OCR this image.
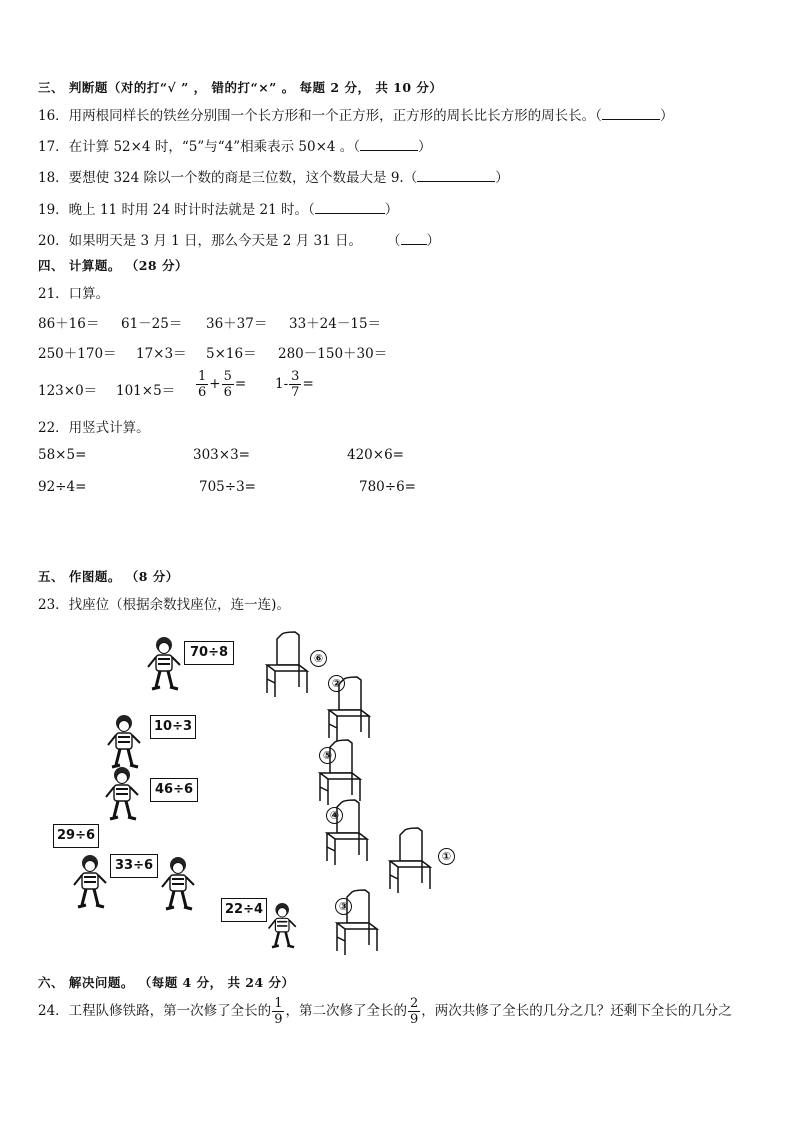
三、 判断题（对的打“√ ” ， 错的打“×” 。 每题 2 分， 共 10 分）
16．用两根同样长的铁丝分别围一个长方形和一个正方形，正方形的周长比长方形的周长长。（	）
17．在计算 52×4 时，“5”与“4”相乘表示 50×4 。（	）
18．要想使 324 除以一个数的商是三位数，这个数最大是 9.（	）
19．晚上 11 时用 24 时计时法就是 21 时。（	）
20．如果明天是 3 月 1 日，那么今天是 2 月 31 日。 （ ）
四、 计算题。 （28 分）
21．口算。
86＋16＝ 61－25＝ 36＋37＝ 33＋24－15＝
250＋170＝ 17×3＝ 5×16＝ 280－150＋30＝
$123\times 0= 101\times 5= \frac{1}{6} + \frac{5}{6} = 1- \frac{3}{7}$ =
22．用竖式计算。
58×5=	303×3=	420×6=
92÷4=	705÷3=	780÷6=
五、 作图题。 （8 分）
23．找座位（根据余数找座位，连一连)。
70÷8
10÷3
46÷6
29÷6
33÷6
22÷4
⑥
②
⑤
④
①
③
六、 解决问题。 （每题 4 分， 共 24 分）
24．工程队修铁路，第一次修了全长的 $\frac{1}{9}$ ，第二次修了全长的 $\frac{2}{9}$ ，两次共修了全长的几分之几？还剩下全长的几分之
